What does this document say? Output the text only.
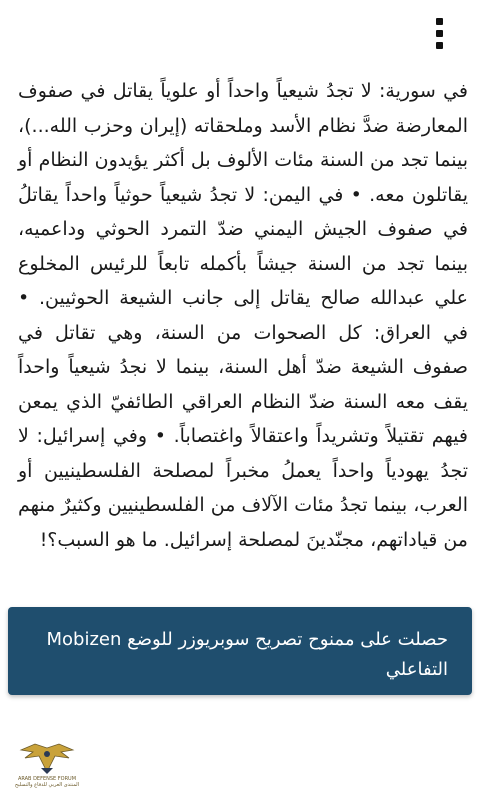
في سورية: لا تجدُ شيعياً واحداً أو علوياً يقاتل في صفوف المعارضة ضدَّ نظام الأسد وملحقاته (إيران وحزب الله...)، بينما تجد من السنة مئات الألوف بل أكثر يؤيدون النظام أو يقاتلون معه. • في اليمن: لا تجدُ شيعياً حوثياً واحداً يقاتلُ في صفوف الجيش اليمني ضدّ التمرد الحوثي وداعميه، بينما تجد من السنة جيشاً بأكمله تابعاً للرئيس المخلوع علي عبدالله صالح يقاتل إلى جانب الشيعة الحوثيين. • في العراق: كل الصحوات من السنة، وهي تقاتل في صفوف الشيعة ضدّ أهل السنة، بينما لا نجدُ شيعياً واحداً يقف معه السنة ضدّ النظام العراقي الطائفيّ الذي يمعن فيهم تقتيلاً وتشريداً واعتقالاً واغتصاباً. • وفي إسرائيل: لا تجدُ يهودياً واحداً يعملُ مخبراً لمصلحة الفلسطينيين أو العرب، بينما تجدُ مئات الآلاف من الفلسطينيين وكثيرٌ منهم من قياداتهم، مجنّدينَ لمصلحة إسرائيل. ما هو السبب؟!

حصلت على ممنوح تصريح سوبريوزر للوضع Mobizen التفاعلي
ARAB DEFENSE FORUM
المنتدى العربي للدفاع والتسليح
